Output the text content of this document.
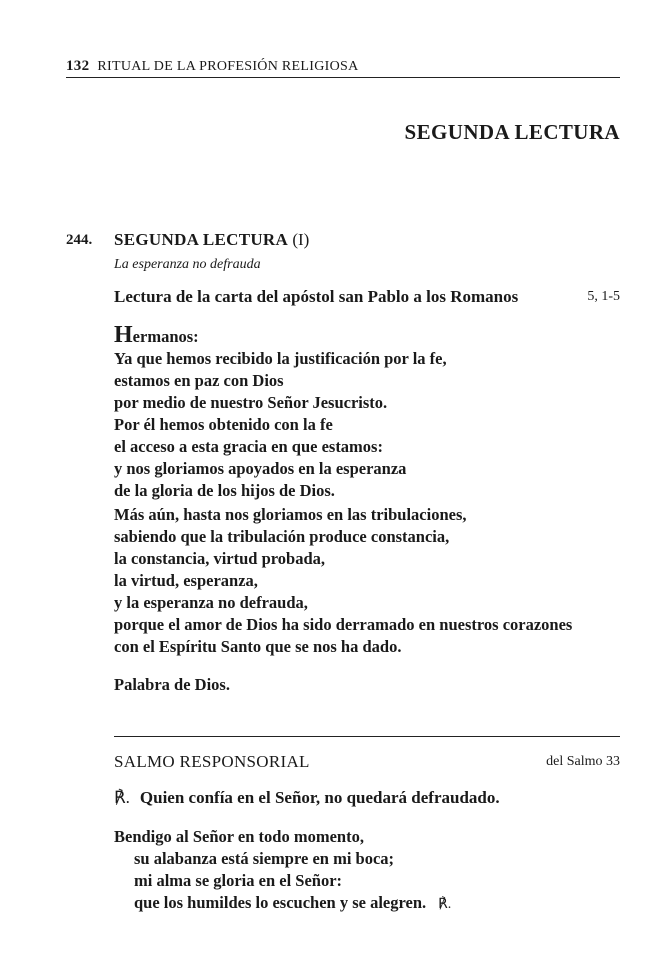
132 RITUAL DE LA PROFESIÓN RELIGIOSA
SEGUNDA LECTURA
244. SEGUNDA LECTURA (I)
La esperanza no defrauda
Lectura de la carta del apóstol san Pablo a los Romanos	5, 1-5
Hermanos:
Ya que hemos recibido la justificación por la fe,
estamos en paz con Dios
por medio de nuestro Señor Jesucristo.
Por él hemos obtenido con la fe
el acceso a esta gracia en que estamos:
y nos gloriamos apoyados en la esperanza
de la gloria de los hijos de Dios.
Más aún, hasta nos gloriamos en las tribulaciones,
sabiendo que la tribulación produce constancia,
la constancia, virtud probada,
la virtud, esperanza,
y la esperanza no defrauda,
porque el amor de Dios ha sido derramado en nuestros corazones
con el Espíritu Santo que se nos ha dado.
Palabra de Dios.
SALMO RESPONSORIAL	del Salmo 33
℟. Quien confía en el Señor, no quedará defraudado.
Bendigo al Señor en todo momento,
su alabanza está siempre en mi boca;
mi alma se gloria en el Señor:
que los humildes lo escuchen y se alegren. ℟.
